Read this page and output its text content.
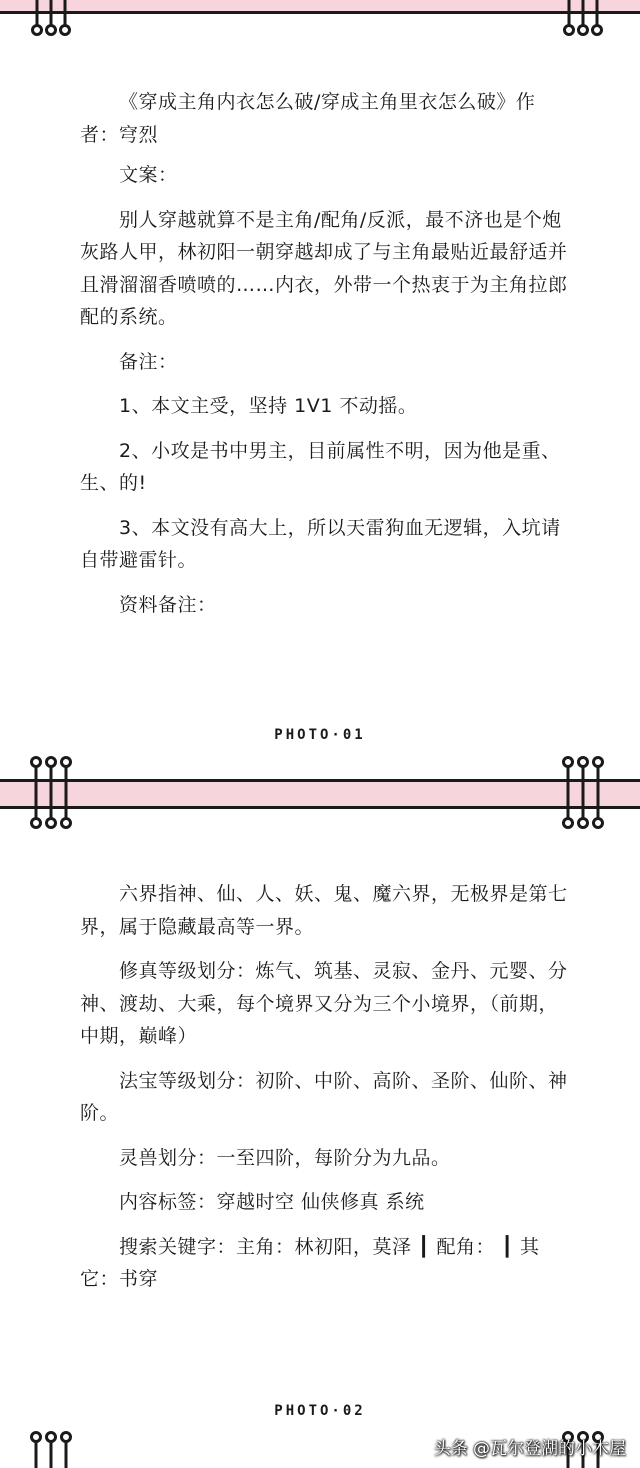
《穿成主角内衣怎么破/穿成主角里衣怎么破》作者：穹烈

文案：

别人穿越就算不是主角/配角/反派，最不济也是个炮灰路人甲，林初阳一朝穿越却成了与主角最贴近最舒适并且滑溜溜香喷喷的……内衣，外带一个热衷于为主角拉郎配的系统。

备注：

1、本文主受，坚持 1V1 不动摇。

2、小攻是书中男主，目前属性不明，因为他是重、生、的!

3、本文没有高大上，所以天雷狗血无逻辑，入坑请自带避雷针。

资料备注：

PHOTO·01

六界指神、仙、人、妖、鬼、魔六界，无极界是第七界，属于隐藏最高等一界。

修真等级划分：炼气、筑基、灵寂、金丹、元婴、分神、渡劫、大乘，每个境界又分为三个小境界，（前期，中期，巅峰）

法宝等级划分：初阶、中阶、高阶、圣阶、仙阶、神阶。

灵兽划分：一至四阶，每阶分为九品。

内容标签：穿越时空 仙侠修真 系统

搜索关键字：主角：林初阳，莫泽 ┃ 配角： ┃ 其它：书穿

PHOTO·02
头条 @瓦尔登湖的小木屋
